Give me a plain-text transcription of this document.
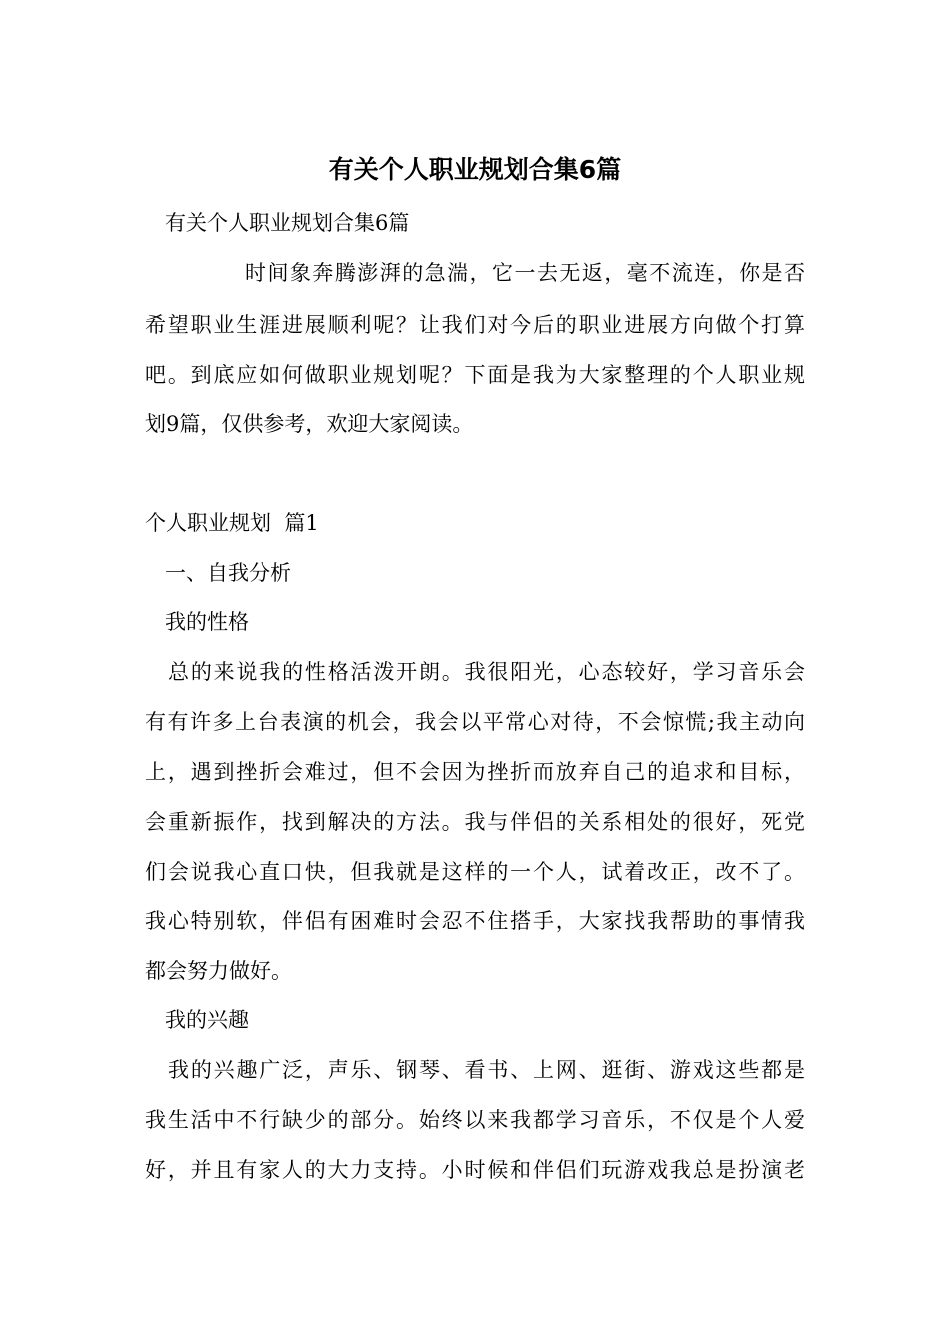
有关个人职业规划合集6篇
有关个人职业规划合集6篇
时间象奔腾澎湃的急湍，它一去无返，毫不流连，你是否
希望职业生涯进展顺利呢？让我们对今后的职业进展方向做个打算
吧。到底应如何做职业规划呢？下面是我为大家整理的个人职业规
划9篇，仅供参考，欢迎大家阅读。
个人职业规划  篇1
一、自我分析
我的性格
总的来说我的性格活泼开朗。我很阳光，心态较好，学习音乐会
有有许多上台表演的机会，我会以平常心对待，不会惊慌;我主动向
上，遇到挫折会难过，但不会因为挫折而放弃自己的追求和目标，
会重新振作，找到解决的方法。我与伴侣的关系相处的很好，死党
们会说我心直口快，但我就是这样的一个人，试着改正，改不了。
我心特别软，伴侣有困难时会忍不住搭手，大家找我帮助的事情我
都会努力做好。
我的兴趣
我的兴趣广泛，声乐、钢琴、看书、上网、逛街、游戏这些都是
我生活中不行缺少的部分。始终以来我都学习音乐，不仅是个人爱
好，并且有家人的大力支持。小时候和伴侣们玩游戏我总是扮演老
